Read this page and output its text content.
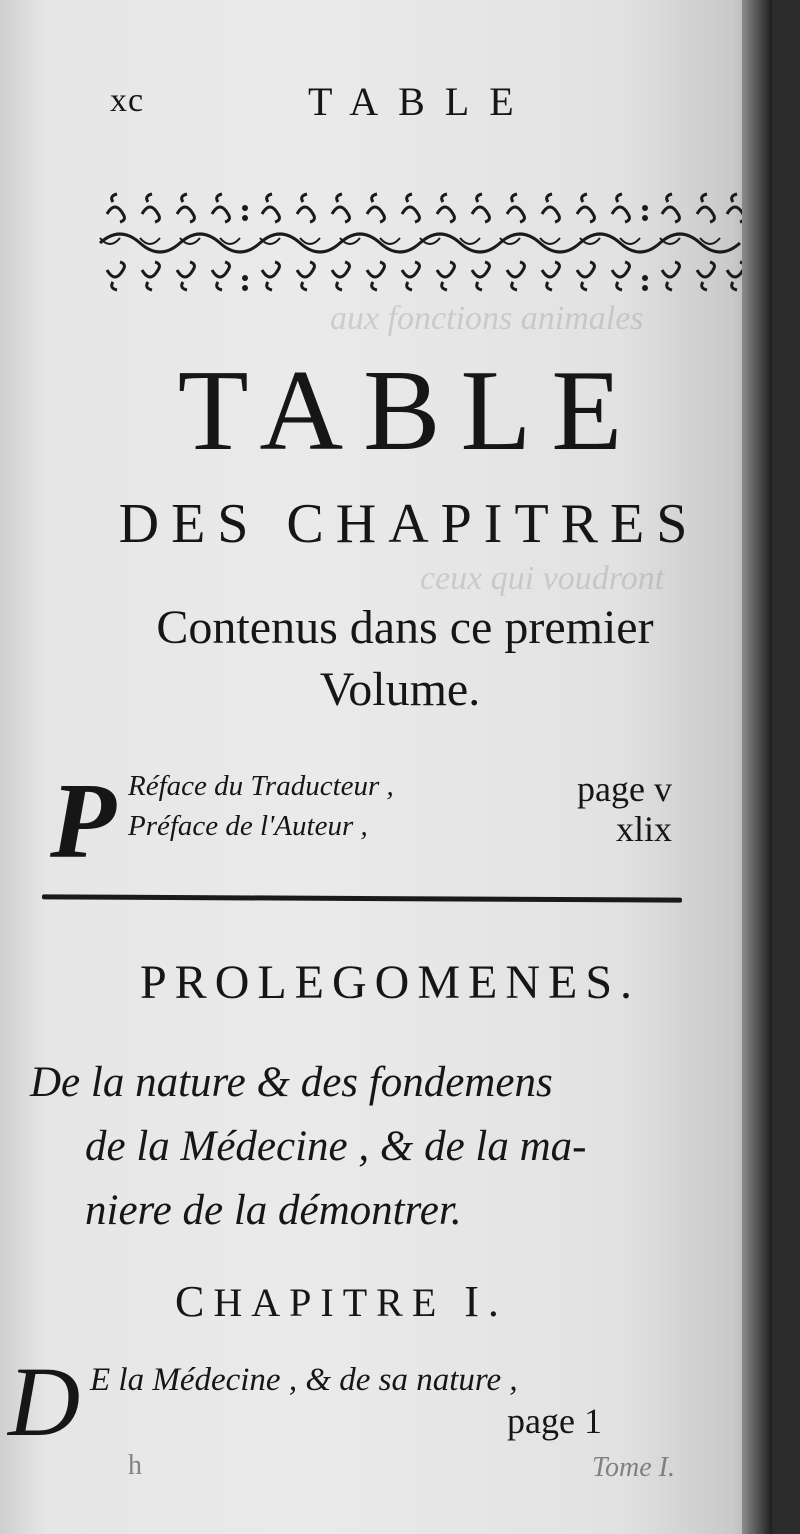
aux fonctions animales
ceux qui voudront
xc	TABLE
TABLE
DES CHAPITRES
Contenus dans ce premier
Volume.
P Réface du Traducteur ,	page v
Préface de l'Auteur ,	xlix
PROLEGOMENES.
De la nature & des fondemens
de la Médecine , & de la ma-
niere de la démontrer.
CHAPITRE I.
D E la Médecine , & de sa nature ,
page 1
h	Tome I.
